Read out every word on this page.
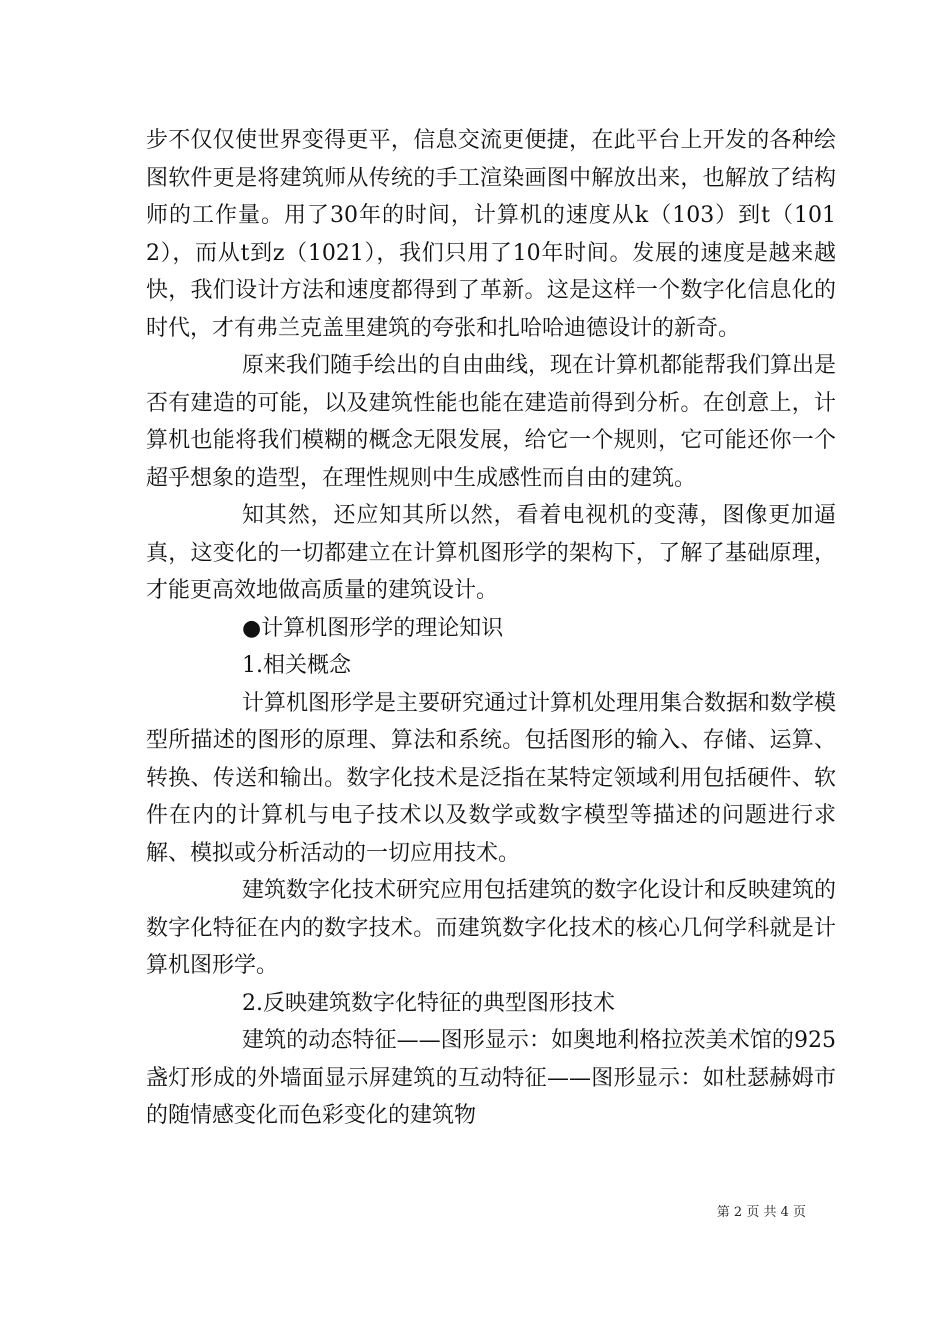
步不仅仅使世界变得更平，信息交流更便捷，在此平台上开发的各种绘图软件更是将建筑师从传统的手工渲染画图中解放出来，也解放了结构师的工作量。用了30年的时间，计算机的速度从k（103）到t（1012），而从t到z（1021），我们只用了10年时间。发展的速度是越来越快，我们设计方法和速度都得到了革新。这是这样一个数字化信息化的时代，才有弗兰克盖里建筑的夸张和扎哈哈迪德设计的新奇。

原来我们随手绘出的自由曲线，现在计算机都能帮我们算出是否有建造的可能，以及建筑性能也能在建造前得到分析。在创意上，计算机也能将我们模糊的概念无限发展，给它一个规则，它可能还你一个超乎想象的造型，在理性规则中生成感性而自由的建筑。

知其然，还应知其所以然，看着电视机的变薄，图像更加逼真，这变化的一切都建立在计算机图形学的架构下，了解了基础原理，才能更高效地做高质量的建筑设计。

●计算机图形学的理论知识

1.相关概念

计算机图形学是主要研究通过计算机处理用集合数据和数学模型所描述的图形的原理、算法和系统。包括图形的输入、存储、运算、转换、传送和输出。数字化技术是泛指在某特定领域利用包括硬件、软件在内的计算机与电子技术以及数学或数字模型等描述的问题进行求解、模拟或分析活动的一切应用技术。

建筑数字化技术研究应用包括建筑的数字化设计和反映建筑的数字化特征在内的数字技术。而建筑数字化技术的核心几何学科就是计算机图形学。

2.反映建筑数字化特征的典型图形技术

建筑的动态特征——图形显示：如奥地利格拉茨美术馆的925盏灯形成的外墙面显示屏建筑的互动特征——图形显示：如杜瑟赫姆市的随情感变化而色彩变化的建筑物

第 2 页 共 4 页
